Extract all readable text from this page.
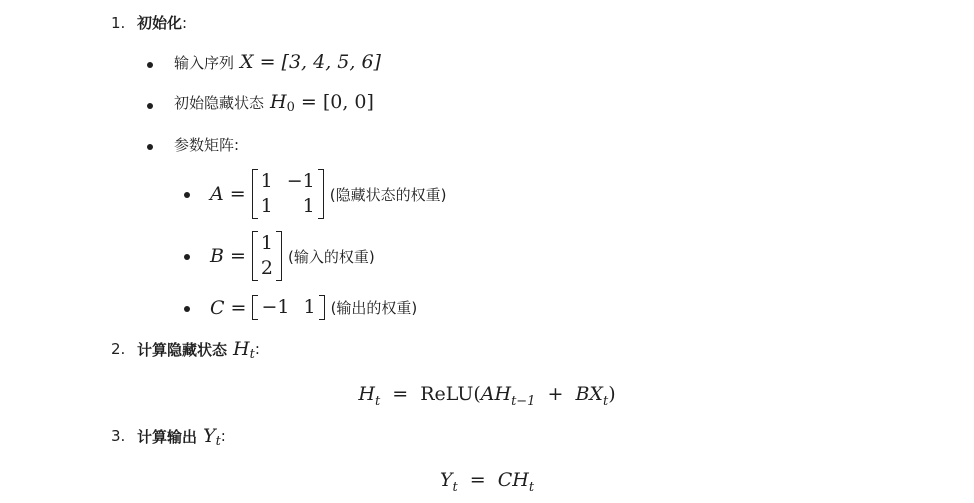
1. 初始化 :
输入序列 X = [3, 4, 5, 6]
初始隐藏状态 H 0 = [0, 0]
参数矩阵:
A =
1 −1
1	1
(隐藏状态的权重)
B =
1
2
(输入的权重)
C = −1 1 (输出的权重)
2. 计算隐藏状态 H t :
$H_t$ = $ReLU(AH_{t-1} + BX_t)$
3. 计算输出 Y t :
$Y_t = CH_t$
